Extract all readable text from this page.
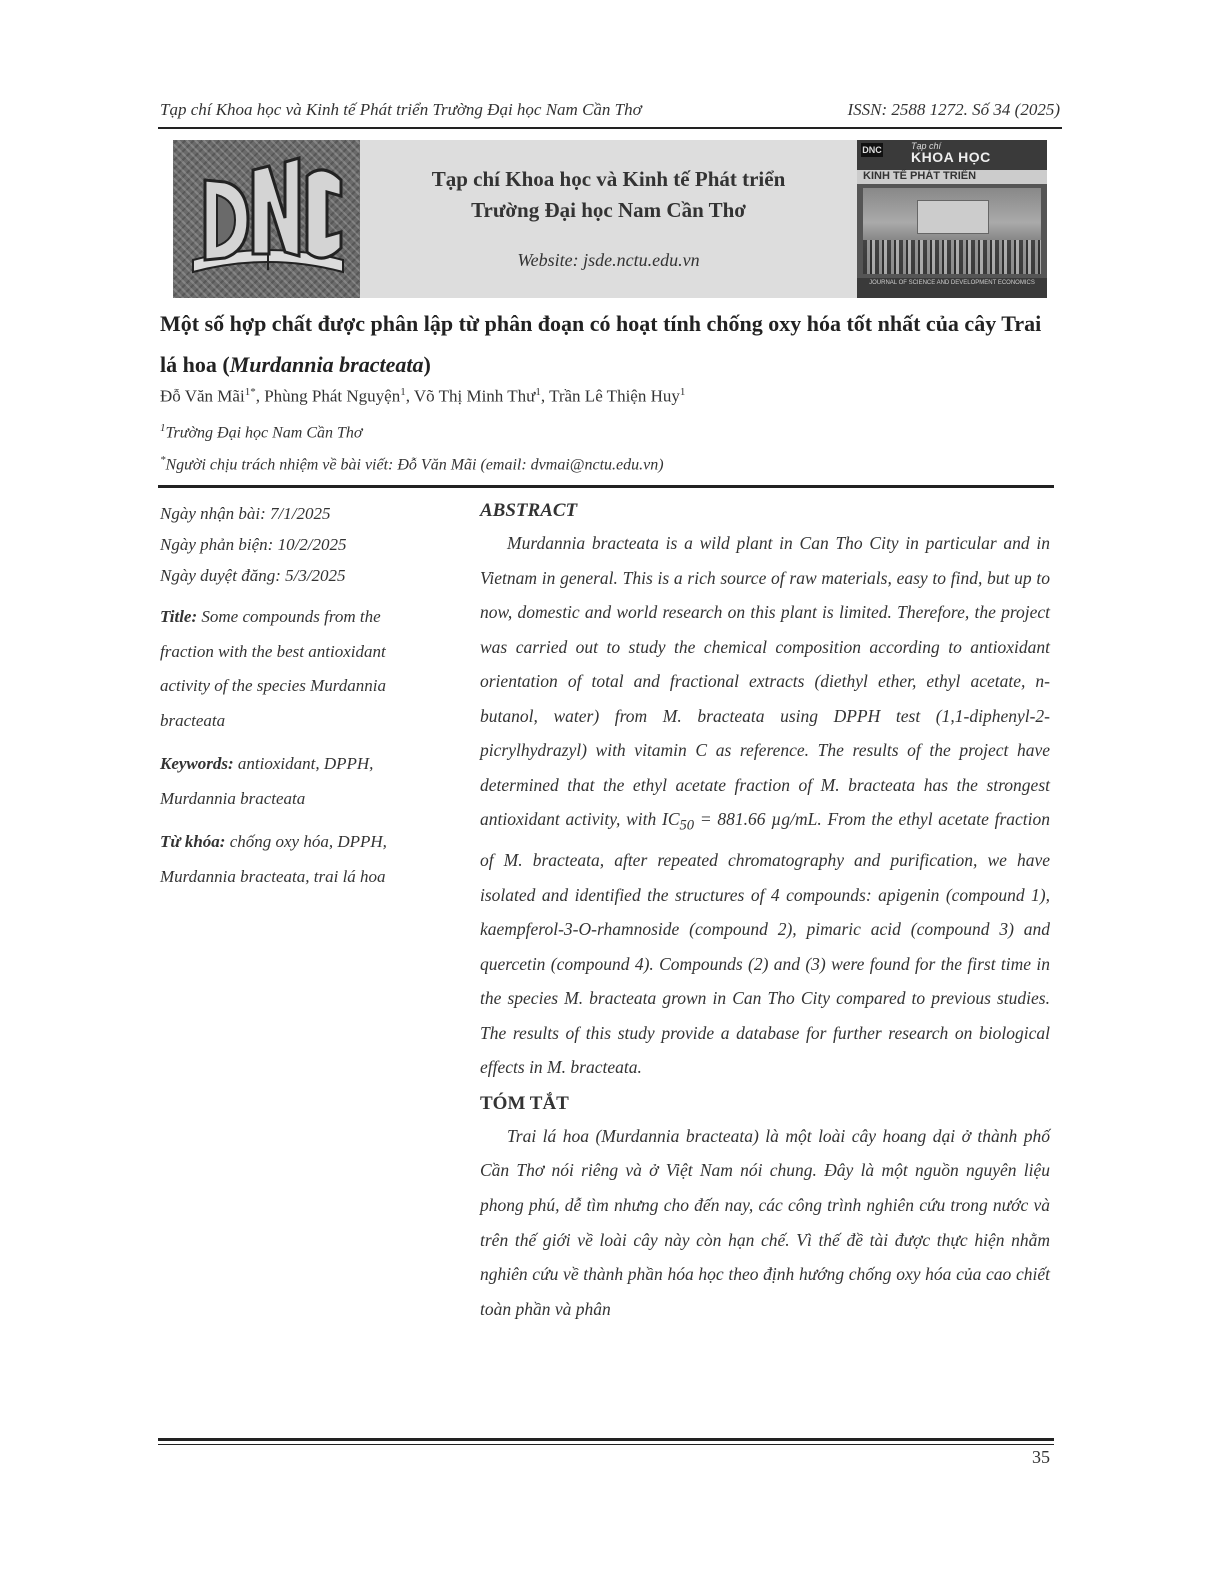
Tạp chí Khoa học và Kinh tế Phát triển Trường Đại học Nam Cần Thơ	ISSN: 2588 1272. Số 34 (2025)
Tạp chí Khoa học và Kinh tế Phát triển
Trường Đại học Nam Cần Thơ
Website: jsde.nctu.edu.vn
DNC	Tạp chí
KHOA HỌC
KINH TẾ PHÁT TRIỂN
JOURNAL OF SCIENCE AND DEVELOPMENT ECONOMICS
Một số hợp chất được phân lập từ phân đoạn có hoạt tính chống oxy hóa tốt nhất của cây Trai lá hoa (Murdannia bracteata)
Đỗ Văn Mãi$^{1*}$, Phùng Phát Nguyện$^1$, Võ Thị Minh Thư$^1$, Trần Lê Thiện Huy$^1$
$^1$Trường Đại học Nam Cần Thơ
*Người chịu trách nhiệm về bài viết: Đỗ Văn Mãi (email: dvmai@nctu.edu.vn)
Ngày nhận bài: 7/1/2025
Ngày phản biện: 10/2/2025
Ngày duyệt đăng: 5/3/2025
Title: Some compounds from the fraction with the best antioxidant activity of the species Murdannia bracteata
Keywords: antioxidant, DPPH, Murdannia bracteata
Từ khóa: chống oxy hóa, DPPH, Murdannia bracteata, trai lá hoa
ABSTRACT

Murdannia bracteata is a wild plant in Can Tho City in particular and in Vietnam in general. This is a rich source of raw materials, easy to find, but up to now, domestic and world research on this plant is limited. Therefore, the project was carried out to study the chemical composition according to antioxidant orientation of total and fractional extracts (diethyl ether, ethyl acetate, n-butanol, water) from M. bracteata using DPPH test (1,1-diphenyl-2-picrylhydrazyl) with vitamin C as reference. The results of the project have determined that the ethyl acetate fraction of M. bracteata has the strongest antioxidant activity, with $IC_{50} = 881.66$ µg/mL. From the ethyl acetate fraction of M. bracteata, after repeated chromatography and purification, we have isolated and identified the structures of 4 compounds: apigenin (compound 1), kaempferol-3-O-rhamnoside (compound 2), pimaric acid (compound 3) and quercetin (compound 4). Compounds (2) and (3) were found for the first time in the species M. bracteata grown in Can Tho City compared to previous studies. The results of this study provide a database for further research on biological effects in M. bracteata.

TÓM TẮT

Trai lá hoa (Murdannia bracteata) là một loài cây hoang dại ở thành phố Cần Thơ nói riêng và ở Việt Nam nói chung. Đây là một nguồn nguyên liệu phong phú, dễ tìm nhưng cho đến nay, các công trình nghiên cứu trong nước và trên thế giới về loài cây này còn hạn chế. Vì thế đề tài được thực hiện nhằm nghiên cứu về thành phần hóa học theo định hướng chống oxy hóa của cao chiết toàn phần và phân

35
